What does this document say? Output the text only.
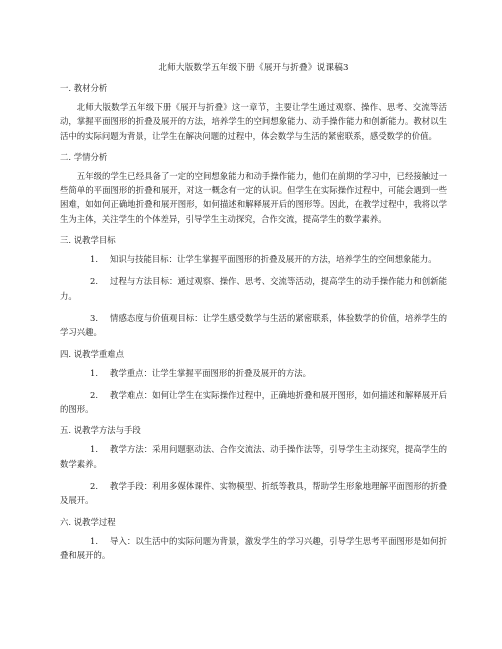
北师大版数学五年级下册《展开与折叠》说课稿3
一. 教材分析
北师大版数学五年级下册《展开与折叠》这一章节，主要让学生通过观察、操作、思考、交流等活动，掌握平面图形的折叠及展开的方法，培养学生的空间想象能力、动手操作能力和创新能力。教材以生活中的实际问题为背景，让学生在解决问题的过程中，体会数学与生活的紧密联系，感受数学的价值。
二. 学情分析
五年级的学生已经具备了一定的空间想象能力和动手操作能力，他们在前期的学习中，已经接触过一些简单的平面图形的折叠和展开，对这一概念有一定的认识。但学生在实际操作过程中，可能会遇到一些困难，如如何正确地折叠和展开图形，如何描述和解释展开后的图形等。因此，在教学过程中，我将以学生为主体，关注学生的个体差异，引导学生主动探究，合作交流，提高学生的数学素养。
三. 说教学目标
1. 知识与技能目标：让学生掌握平面图形的折叠及展开的方法，培养学生的空间想象能力。
2. 过程与方法目标：通过观察、操作、思考、交流等活动，提高学生的动手操作能力和创新能力。
3. 情感态度与价值观目标：让学生感受数学与生活的紧密联系，体验数学的价值，培养学生的学习兴趣。
四. 说教学重难点
1. 教学重点：让学生掌握平面图形的折叠及展开的方法。
2. 教学难点：如何让学生在实际操作过程中，正确地折叠和展开图形，如何描述和解释展开后的图形。
五. 说教学方法与手段
1. 教学方法：采用问题驱动法、合作交流法、动手操作法等，引导学生主动探究，提高学生的数学素养。
2. 教学手段：利用多媒体课件、实物模型、折纸等教具，帮助学生形象地理解平面图形的折叠及展开。
六. 说教学过程
1. 导入：以生活中的实际问题为背景，激发学生的学习兴趣，引导学生思考平面图形是如何折叠和展开的。
